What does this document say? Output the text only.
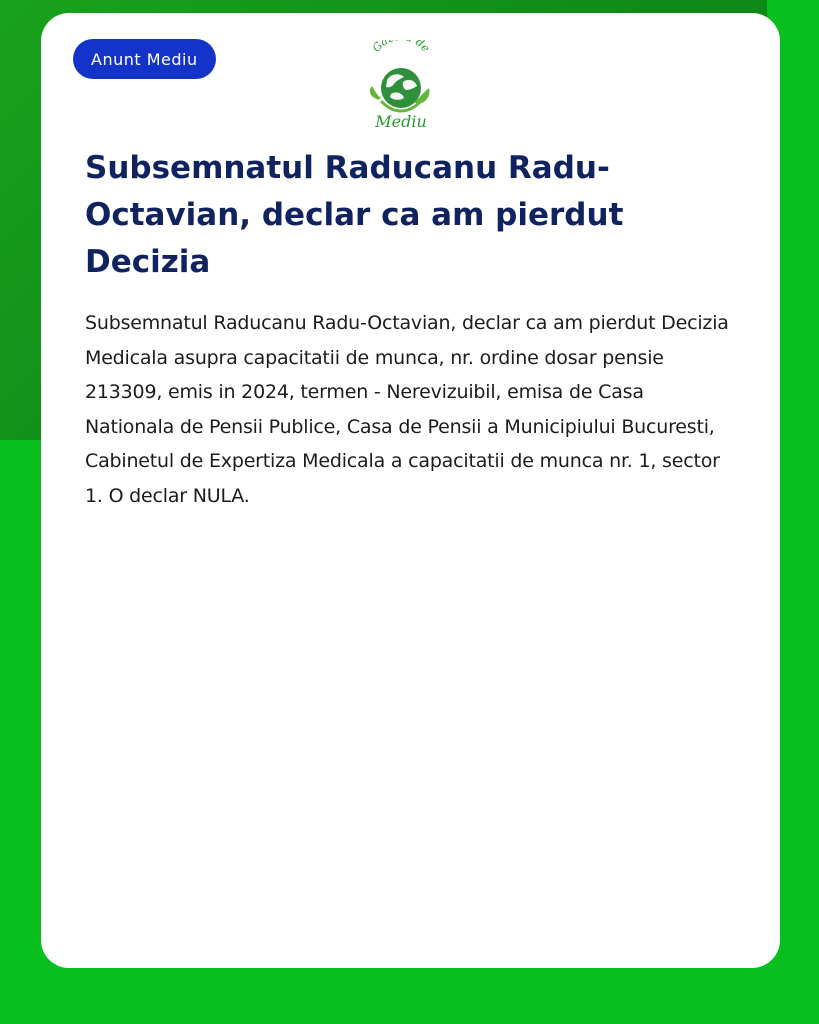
Anunt Mediu
Ga de
Mediu
Subsemnatul Raducanu Radu-Octavian, declar ca am pierdut Decizia

Subsemnatul Raducanu Radu-Octavian, declar ca am pierdut Decizia Medicala asupra capacitatii de munca, nr. ordine dosar pensie 213309, emis in 2024, termen - Nerevizuibil, emisa de Casa Nationala de Pensii Publice, Casa de Pensii a Municipiului Bucuresti, Cabinetul de Expertiza Medicala a capacitatii de munca nr. 1, sector 1. O declar NULA.
